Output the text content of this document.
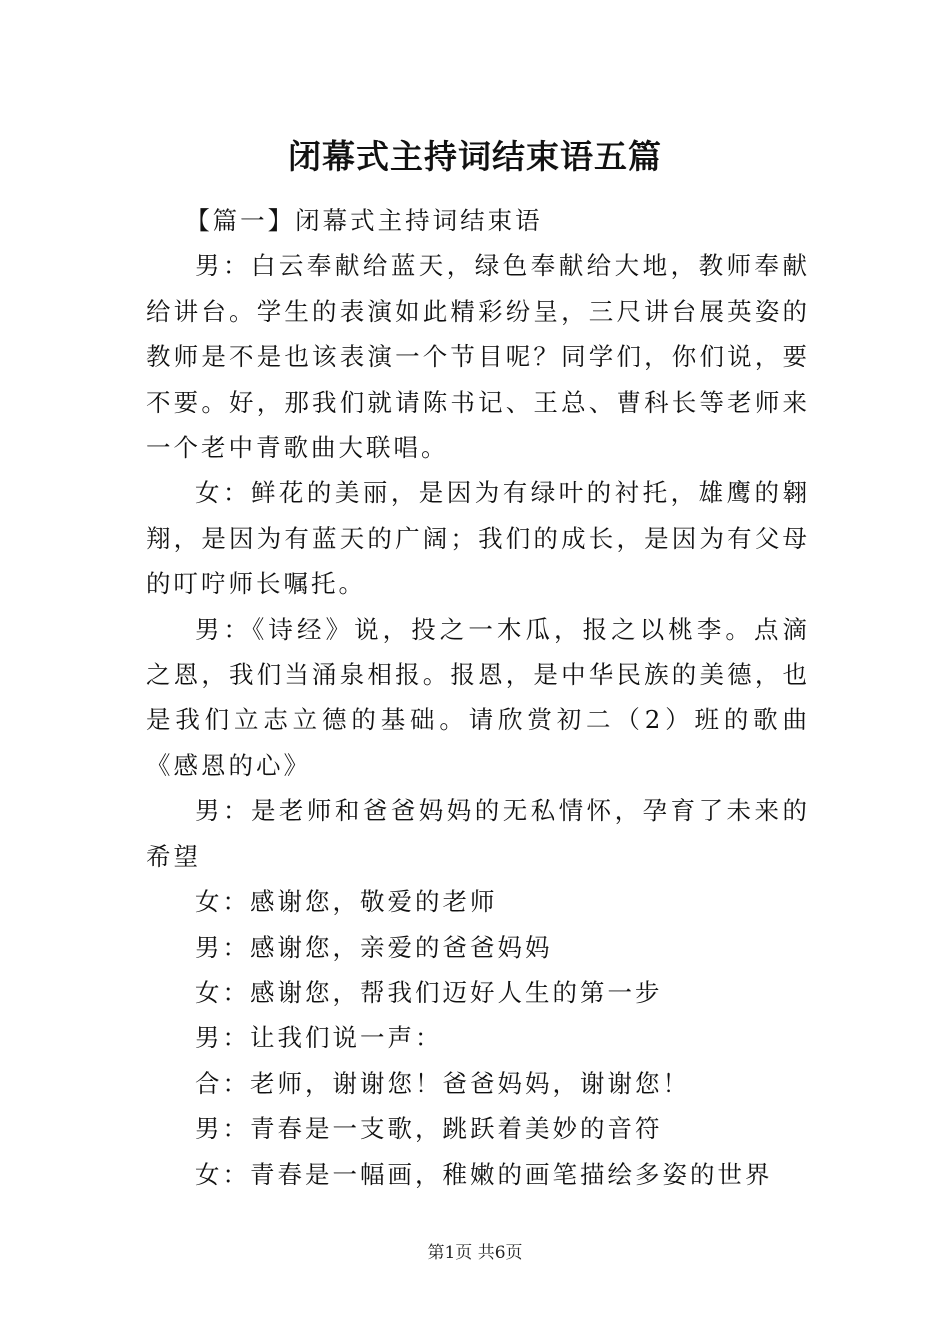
闭幕式主持词结束语五篇

【篇一】闭幕式主持词结束语

男：白云奉献给蓝天，绿色奉献给大地，教师奉献给讲台。学生的表演如此精彩纷呈，三尺讲台展英姿的教师是不是也该表演一个节目呢？同学们，你们说，要不要。好，那我们就请陈书记、王总、曹科长等老师来一个老中青歌曲大联唱。

女：鲜花的美丽，是因为有绿叶的衬托，雄鹰的翱翔，是因为有蓝天的广阔；我们的成长，是因为有父母的叮咛师长嘱托。

男：《诗经》说，投之一木瓜，报之以桃李。点滴之恩，我们当涌泉相报。报恩，是中华民族的美德，也是我们立志立德的基础。请欣赏初二（2）班的歌曲《感恩的心》

男：是老师和爸爸妈妈的无私情怀，孕育了未来的希望

女：感谢您，敬爱的老师

男：感谢您，亲爱的爸爸妈妈

女：感谢您，帮我们迈好人生的第一步

男：让我们说一声：

合：老师，谢谢您！爸爸妈妈，谢谢您！

男：青春是一支歌，跳跃着美妙的音符

女：青春是一幅画，稚嫩的画笔描绘多姿的世界

第1页 共6页
